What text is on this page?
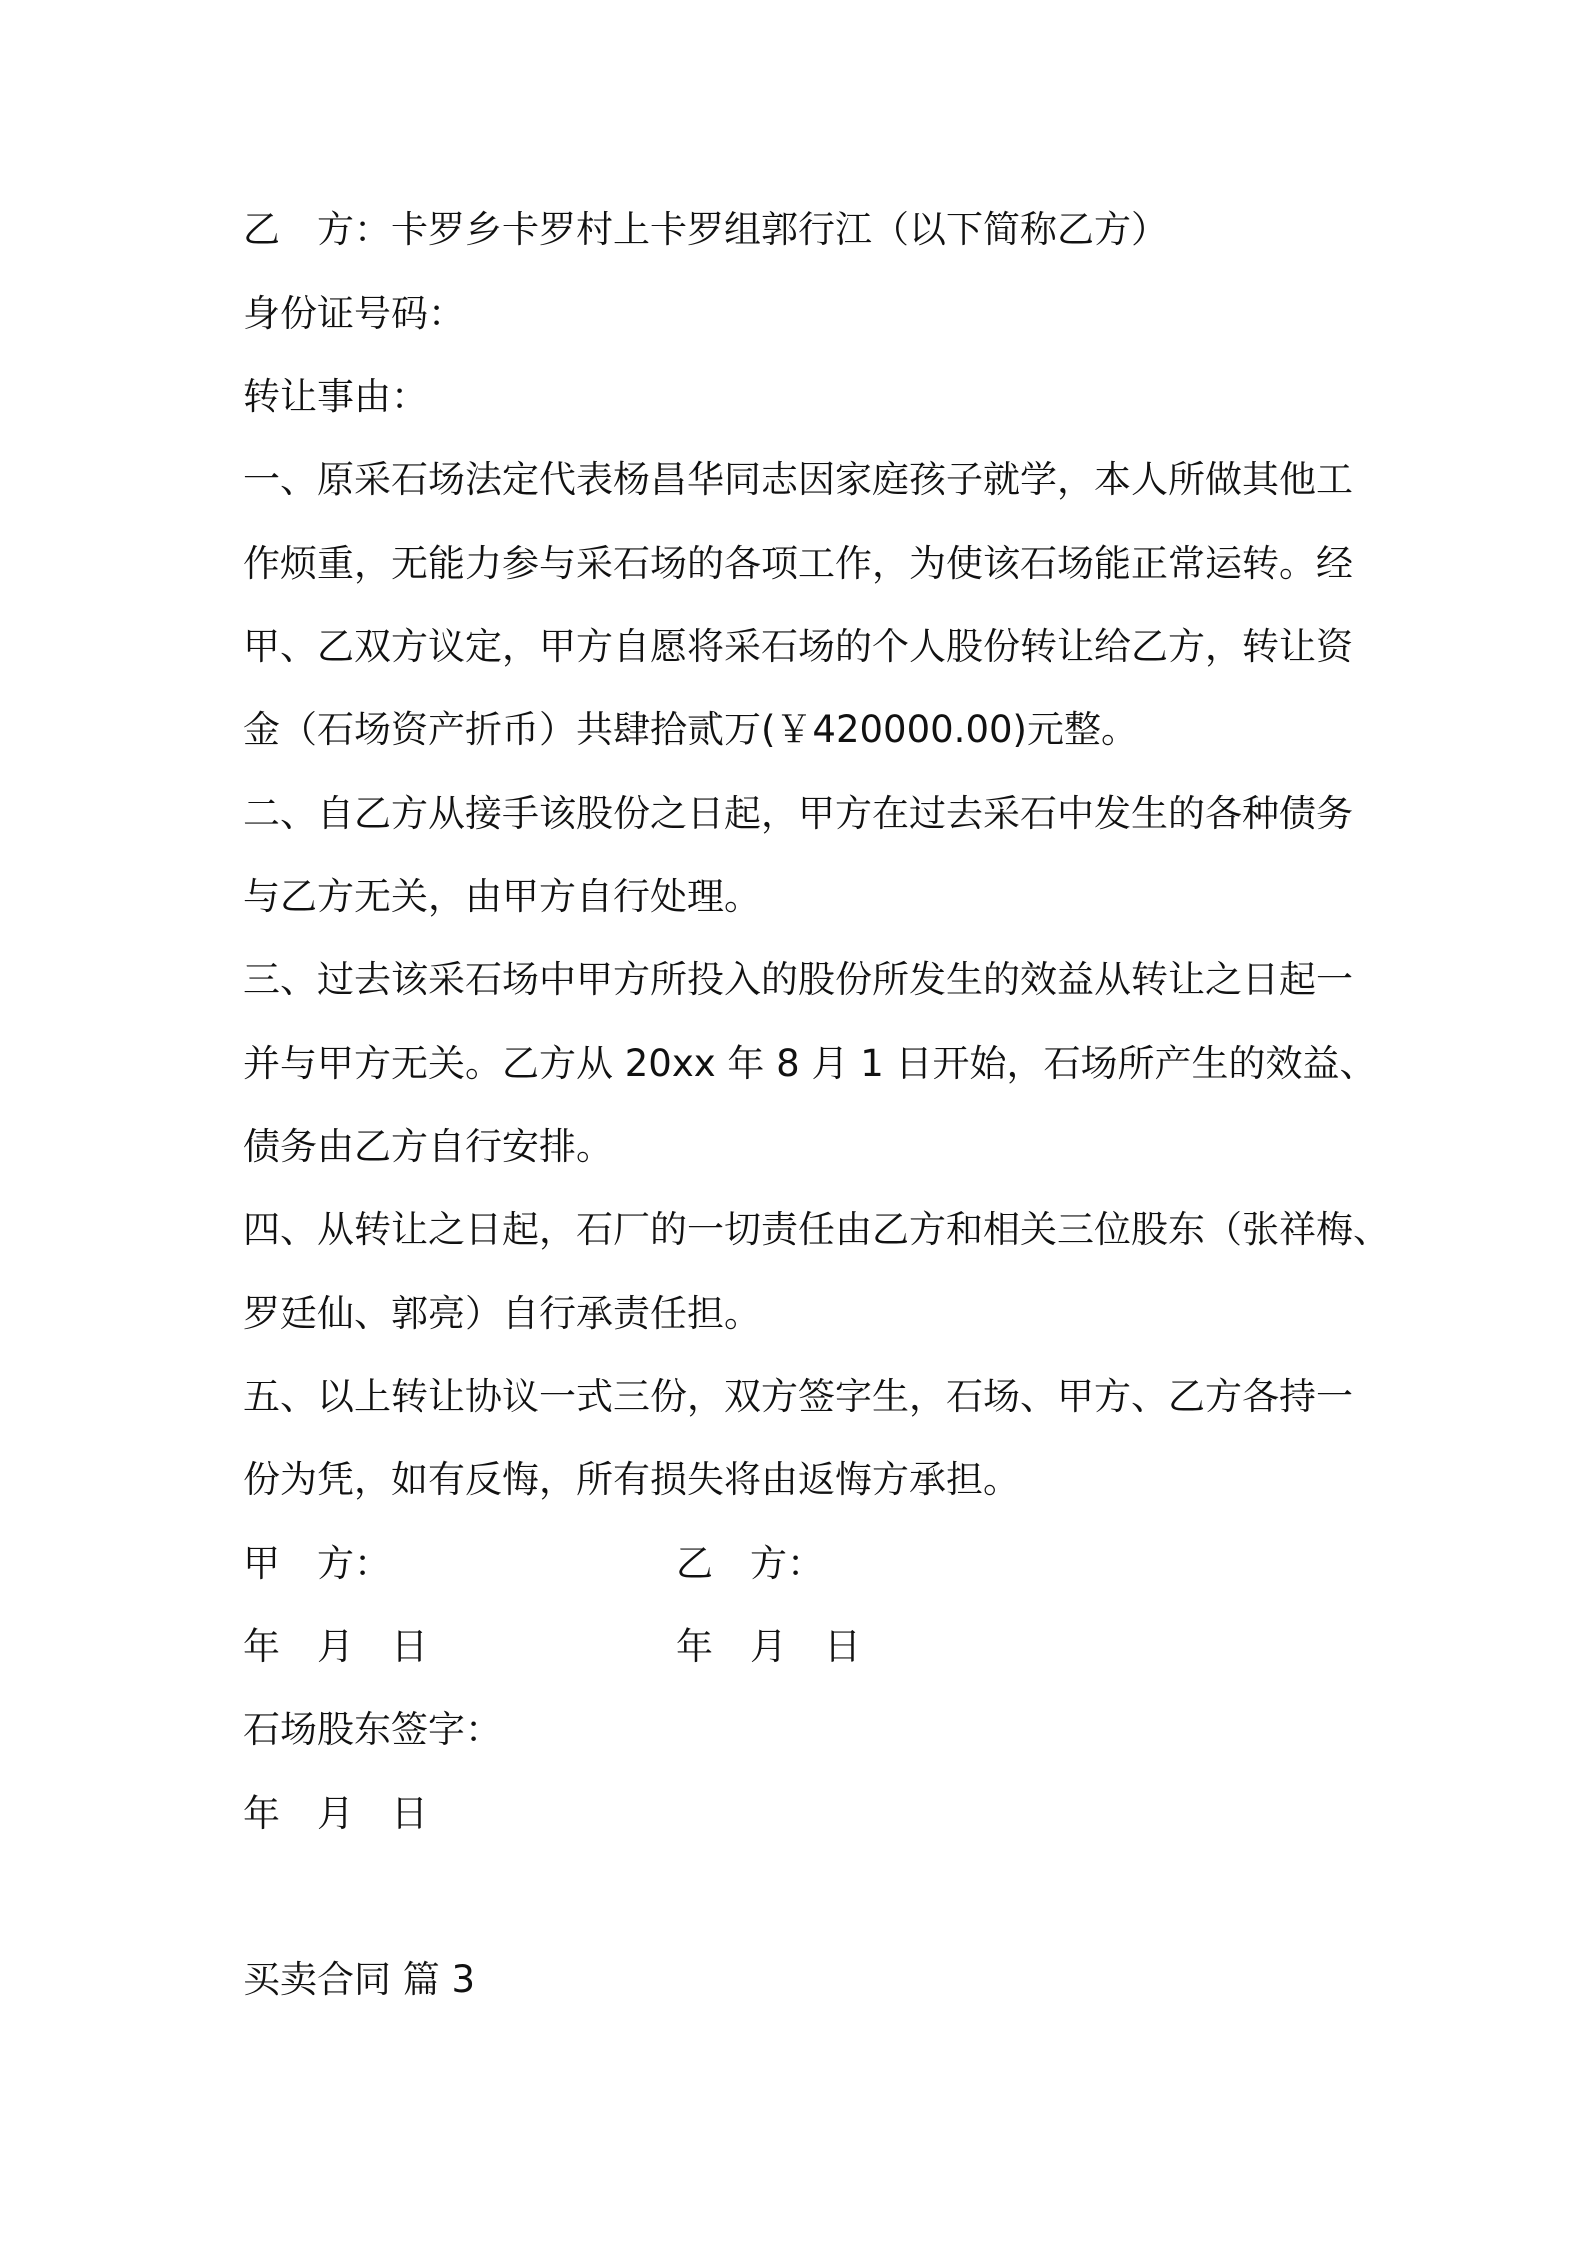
乙　方：卡罗乡卡罗村上卡罗组郭行江（以下简称乙方）
身份证号码：
转让事由：
一、原采石场法定代表杨昌华同志因家庭孩子就学，本人所做其他工
作烦重，无能力参与采石场的各项工作，为使该石场能正常运转。经
甲、乙双方议定，甲方自愿将采石场的个人股份转让给乙方，转让资
金（石场资产折币）共肆拾贰万(￥420000.00)元整。
二、自乙方从接手该股份之日起，甲方在过去采石中发生的各种债务
与乙方无关，由甲方自行处理。
三、过去该采石场中甲方所投入的股份所发生的效益从转让之日起一
并与甲方无关。乙方从 20xx 年 8 月 1 日开始，石场所产生的效益、
债务由乙方自行安排。
四、从转让之日起，石厂的一切责任由乙方和相关三位股东（张祥梅、
罗廷仙、郭亮）自行承责任担。
五、以上转让协议一式三份，双方签字生，石场、甲方、乙方各持一
份为凭，如有反悔，所有损失将由返悔方承担。
甲　方：	乙　方：
年　月　日	年　月　日
石场股东签字：
年　月　日
买卖合同 篇 3
